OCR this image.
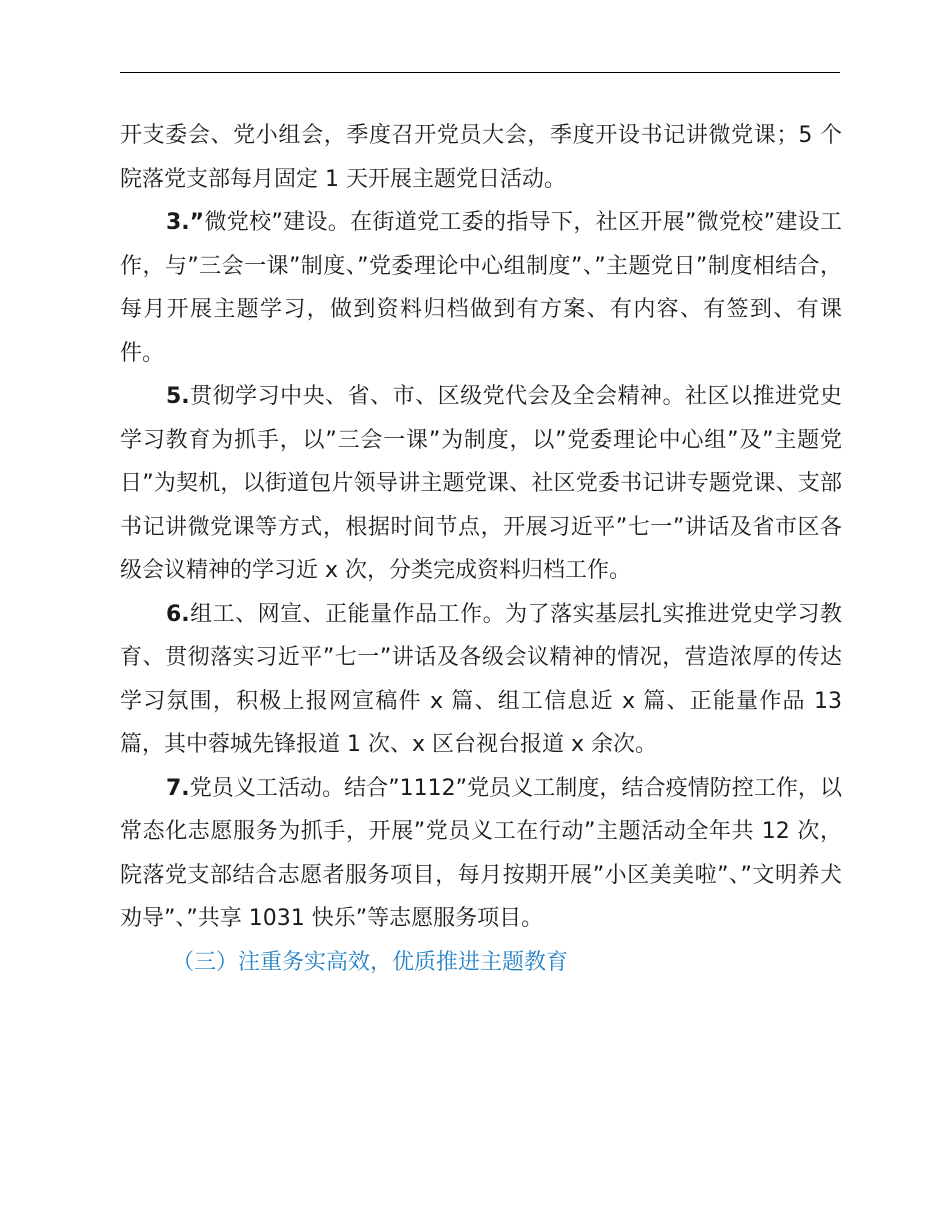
开支委会、党小组会，季度召开党员大会，季度开设书记讲微党课；5 个院落党支部每月固定 1 天开展主题党日活动。

3.”微党校”建设。在街道党工委的指导下，社区开展”微党校”建设工作，与”三会一课”制度、”党委理论中心组制度”、”主题党日”制度相结合，每月开展主题学习，做到资料归档做到有方案、有内容、有签到、有课件。

5.贯彻学习中央、省、市、区级党代会及全会精神。社区以推进党史学习教育为抓手，以”三会一课”为制度，以”党委理论中心组”及”主题党日”为契机，以街道包片领导讲主题党课、社区党委书记讲专题党课、支部书记讲微党课等方式，根据时间节点，开展习近平”七一”讲话及省市区各级会议精神的学习近 x 次，分类完成资料归档工作。

6.组工、网宣、正能量作品工作。为了落实基层扎实推进党史学习教育、贯彻落实习近平”七一”讲话及各级会议精神的情况，营造浓厚的传达学习氛围，积极上报网宣稿件 x 篇、组工信息近 x 篇、正能量作品 13 篇，其中蓉城先锋报道 1 次、x 区台视台报道 x 余次。

7.党员义工活动。结合”1112”党员义工制度，结合疫情防控工作，以常态化志愿服务为抓手，开展”党员义工在行动”主题活动全年共 12 次，院落党支部结合志愿者服务项目，每月按期开展”小区美美啦”、”文明养犬劝导”、”共享 1031 快乐”等志愿服务项目。

（三）注重务实高效，优质推进主题教育
